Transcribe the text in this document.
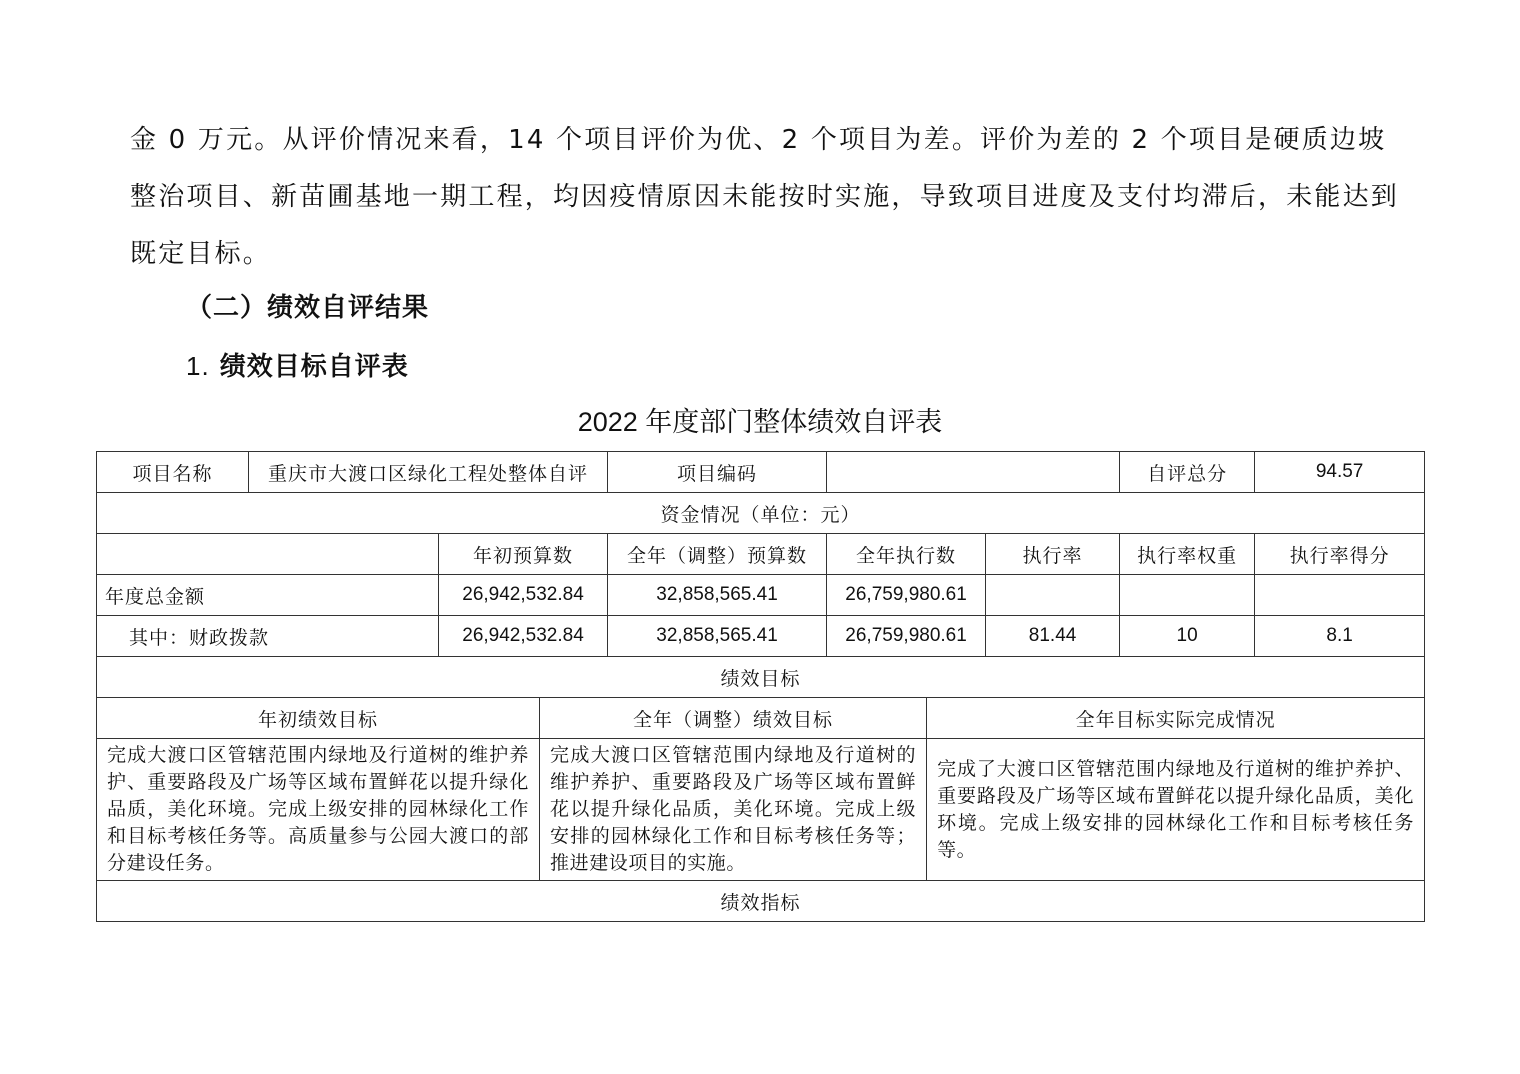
金 0 万元。从评价情况来看，14 个项目评价为优、2 个项目为差。评价为差的 2 个项目是硬质边坡整治项目、新苗圃基地一期工程，均因疫情原因未能按时实施，导致项目进度及支付均滞后，未能达到既定目标。

（二）绩效自评结果
1. 绩效目标自评表
2022 年度部门整体绩效自评表
项目名称	重庆市大渡口区绿化工程处整体自评			项目编码				自评总分	94.57
资金情况（单位：元）									
		年初预算数		全年（调整）预算数	全年执行数		执行率	执行率权重	执行率得分
年度总金额		26,942,532.84		32,858,565.41	26,759,980.61				
其中：财政拨款		26,942,532.84		32,858,565.41	26,759,980.61		81.44	10	8.1
绩效目标									
年初绩效目标			全年（调整）绩效目标			全年目标实际完成情况			
完成大渡口区管辖范围内绿地及行道树的维护养护、重要路段及广场等区域布置鲜花以提升绿化品质，美化环境。完成上级安排的园林绿化工作和目标考核任务等。高质量参与公园大渡口的部分建设任务。			完成大渡口区管辖范围内绿地及行道树的维护养护、重要路段及广场等区域布置鲜花以提升绿化品质，美化环境。完成上级安排的园林绿化工作和目标考核任务等；推进建设项目的实施。			完成了大渡口区管辖范围内绿地及行道树的维护养护、重要路段及广场等区域布置鲜花以提升绿化品质，美化环境。完成上级安排的园林绿化工作和目标考核任务等。			
绩效指标									
